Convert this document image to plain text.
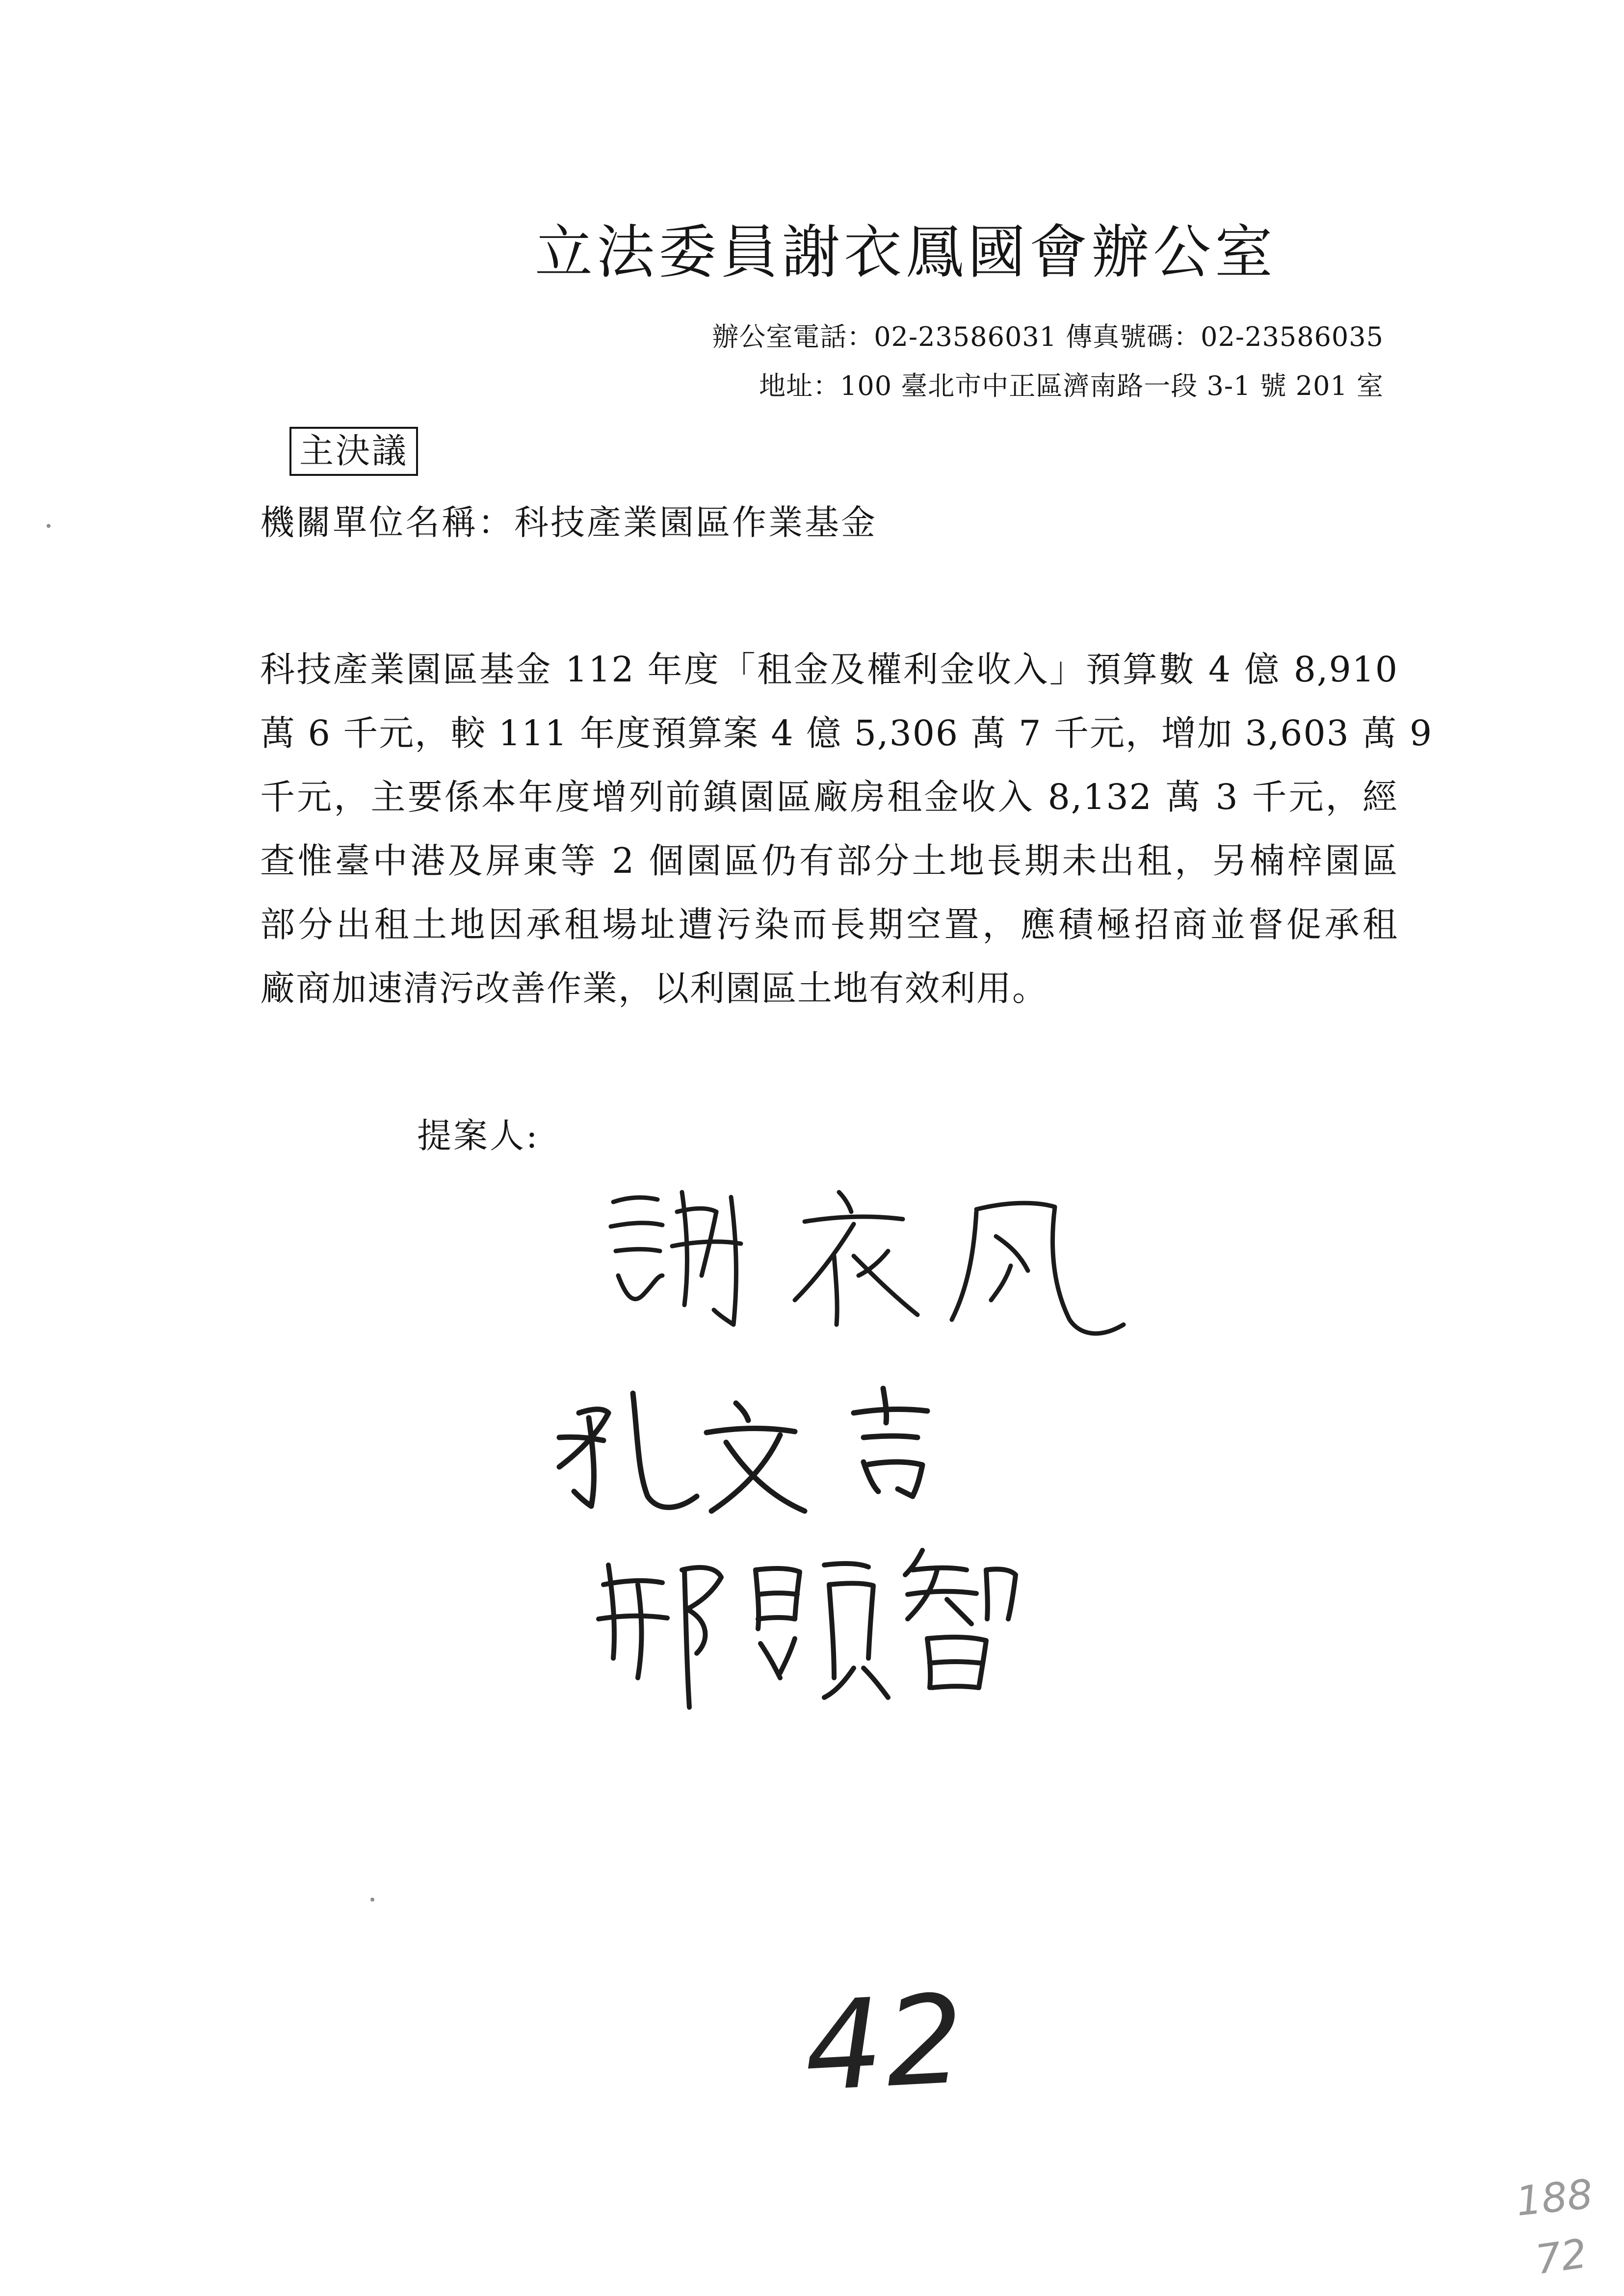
立法委員謝衣鳳國會辦公室
辦公室電話：02-23586031 傳真號碼：02-23586035
地址：100 臺北市中正區濟南路一段 3-1 號 201 室
主決議
機關單位名稱：科技產業園區作業基金
科技產業園區基金 112 年度「租金及權利金收入」預算數 4 億 8,910
萬 6 千元，較 111 年度預算案 4 億 5,306 萬 7 千元，增加 3,603 萬 9
千元，主要係本年度增列前鎮園區廠房租金收入 8,132 萬 3 千元，經
查惟臺中港及屏東等 2 個園區仍有部分土地長期未出租，另楠梓園區
部分出租土地因承租場址遭污染而長期空置，應積極招商並督促承租
廠商加速清污改善作業，以利園區土地有效利用。
提案人:
42
188
72
